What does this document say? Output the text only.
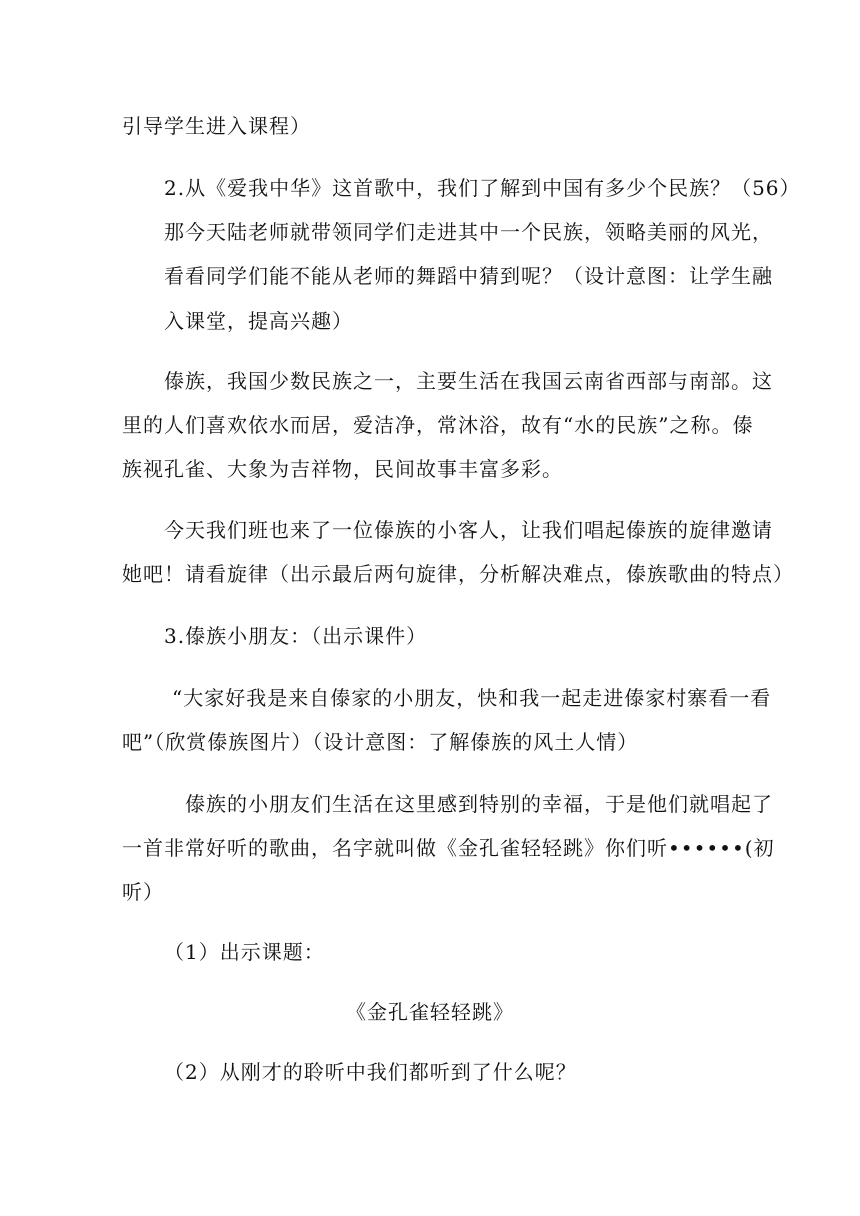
引导学生进入课程）
2.从《爱我中华》这首歌中，我们了解到中国有多少个民族？（56）
那今天陆老师就带领同学们走进其中一个民族，领略美丽的风光，
看看同学们能不能从老师的舞蹈中猜到呢？（设计意图：让学生融
入课堂，提高兴趣）
傣族，我国少数民族之一，主要生活在我国云南省西部与南部。这
里的人们喜欢依水而居，爱洁净，常沐浴，故有“水的民族”之称。傣
族视孔雀、大象为吉祥物，民间故事丰富多彩。
今天我们班也来了一位傣族的小客人，让我们唱起傣族的旋律邀请
她吧！请看旋律（出示最后两句旋律，分析解决难点，傣族歌曲的特点）
3.傣族小朋友：（出示课件）
“大家好我是来自傣家的小朋友，快和我一起走进傣家村寨看一看
吧”（欣赏傣族图片）（设计意图：了解傣族的风土人情）
傣族的小朋友们生活在这里感到特别的幸福，于是他们就唱起了
一首非常好听的歌曲，名字就叫做《金孔雀轻轻跳》你们听••••••(初
听）
（1）出示课题：
《金孔雀轻轻跳》
（2）从刚才的聆听中我们都听到了什么呢？
